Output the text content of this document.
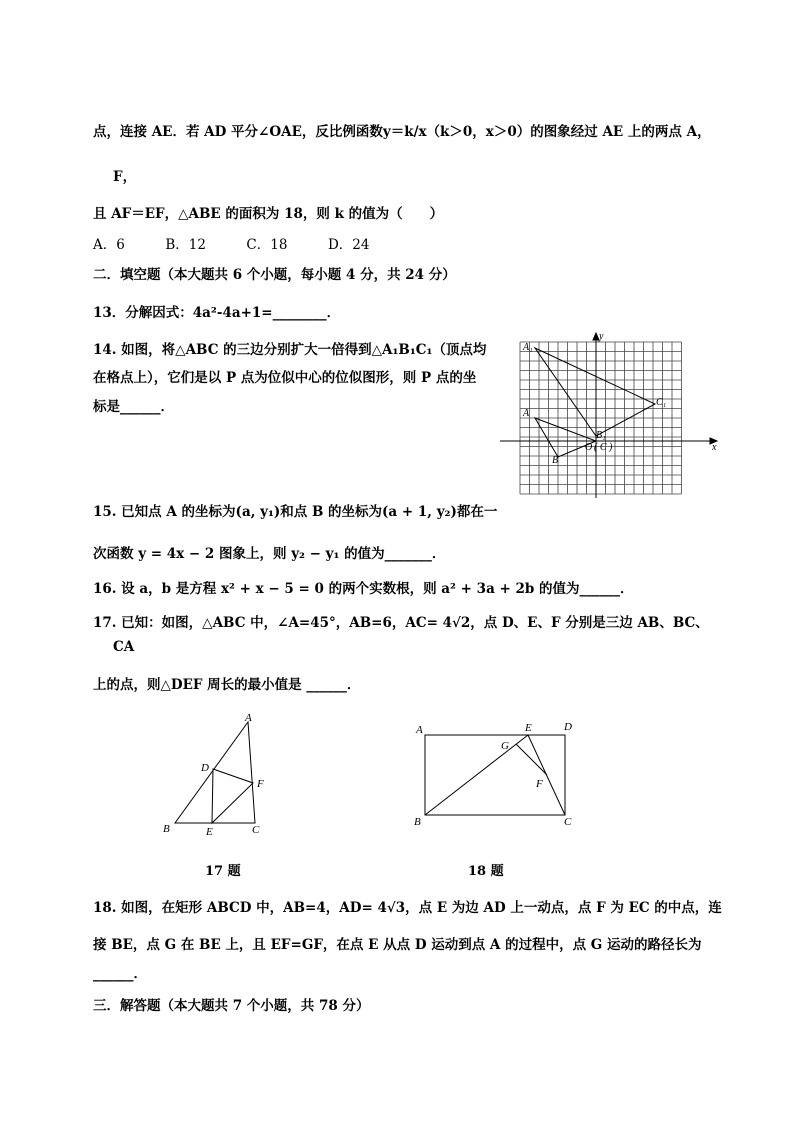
点，连接 AE．若 AD 平分∠OAE，反比例函数y＝k/x（k＞0，x＞0）的图象经过 AE 上的两点 A，
F，
且 AF＝EF，△ABE 的面积为 18，则 k 的值为（　　）
A．6　　　B．12　　　C．18　　　D．24
二．填空题（本大题共 6 个小题，每小题 4 分，共 24 分）
13．分解因式：4a²-4a+1=________．
14. 如图，将△ABC 的三边分别扩大一倍得到△A₁B₁C₁（顶点均
在格点上），它们是以 P 点为位似中心的位似图形，则 P 点的坐
标是______．
A₁
A
B
B₁
C₁
O ( C )	x
y
15. 已知点 A 的坐标为(a, y₁)和点 B 的坐标为(a + 1, y₂)都在一
次函数 y = 4x − 2 图象上，则 y₂ − y₁ 的值为_______．
16. 设 a，b 是方程 x² + x − 5 = 0 的两个实数根，则 a² + 3a + 2b 的值为______．
17. 已知：如图，△ABC 中，∠A=45°，AB=6，AC= 4√2，点 D、E、F 分别是三边 AB、BC、
CA
上的点，则△DEF 周长的最小值是 ______．
A
B	C
D
E
F
17 题
A
B	C
D
E
F
G
18 题
18. 如图，在矩形 ABCD 中，AB=4，AD= 4√3，点 E 为边 AD 上一动点，点 F 为 EC 的中点，连
接 BE，点 G 在 BE 上，且 EF=GF，在点 E 从点 D 运动到点 A 的过程中，点 G 运动的路径长为
______．
三．解答题（本大题共 7 个小题，共 78 分）
